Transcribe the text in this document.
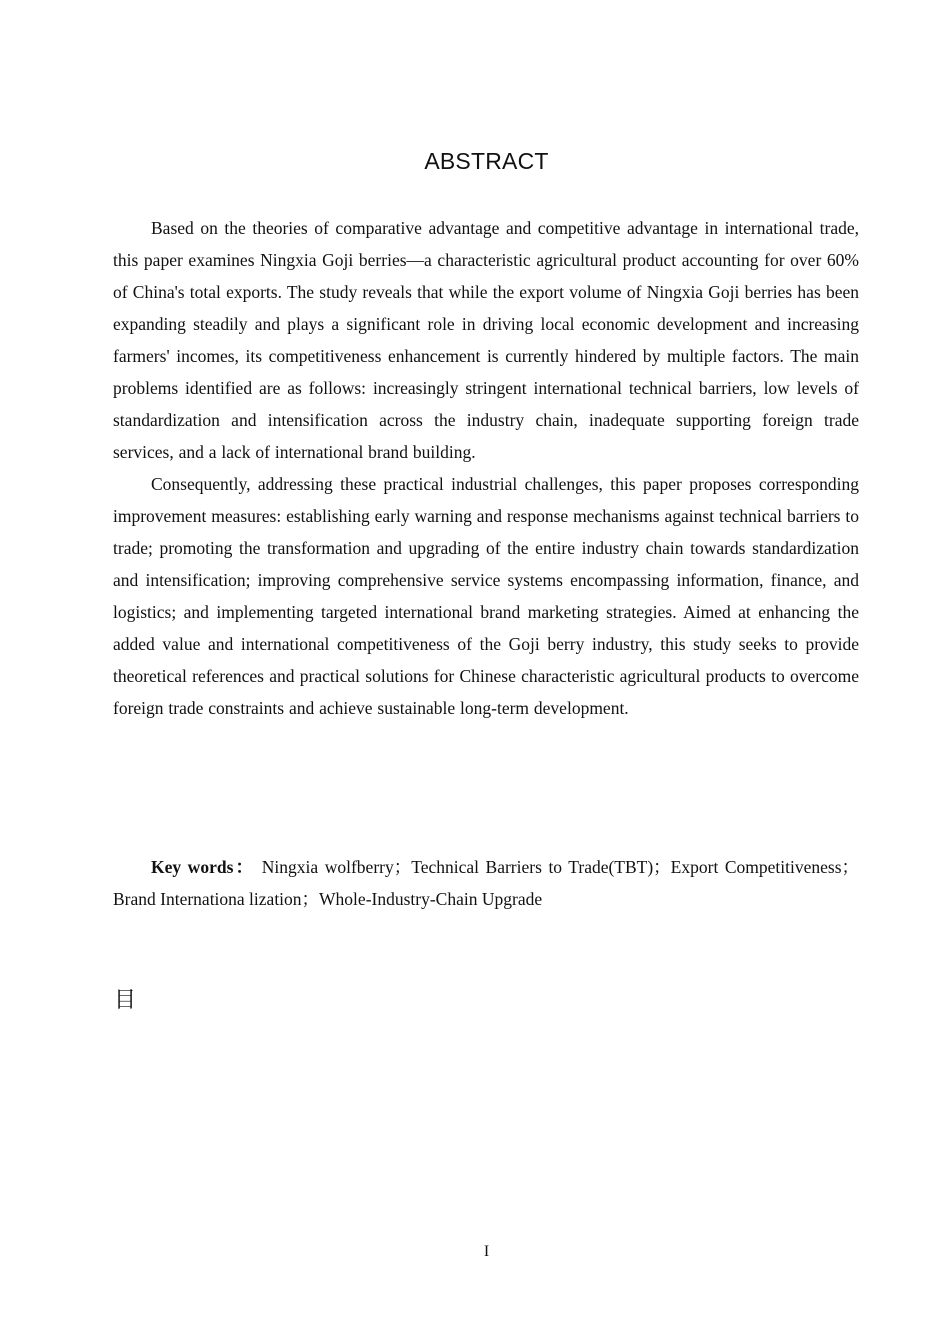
ABSTRACT

Based on the theories of comparative advantage and competitive advantage in international trade, this paper examines Ningxia Goji berries—a characteristic agricultural product accounting for over 60% of China's total exports. The study reveals that while the export volume of Ningxia Goji berries has been expanding steadily and plays a significant role in driving local economic development and increasing farmers' incomes, its competitiveness enhancement is currently hindered by multiple factors. The main problems identified are as follows: increasingly stringent international technical barriers, low levels of standardization and intensification across the industry chain, inadequate supporting foreign trade services, and a lack of international brand building.

Consequently, addressing these practical industrial challenges, this paper proposes corresponding improvement measures: establishing early warning and response mechanisms against technical barriers to trade; promoting the transformation and upgrading of the entire industry chain towards standardization and intensification; improving comprehensive service systems encompassing information, finance, and logistics; and implementing targeted international brand marketing strategies. Aimed at enhancing the added value and international competitiveness of the Goji berry industry, this study seeks to provide theoretical references and practical solutions for Chinese characteristic agricultural products to overcome foreign trade constraints and achieve sustainable long-term development.

Key words： Ningxia wolfberry；Technical Barriers to Trade(TBT)；Export Competitiveness；Brand Internationa lization；Whole-Industry-Chain Upgrade

目
I
